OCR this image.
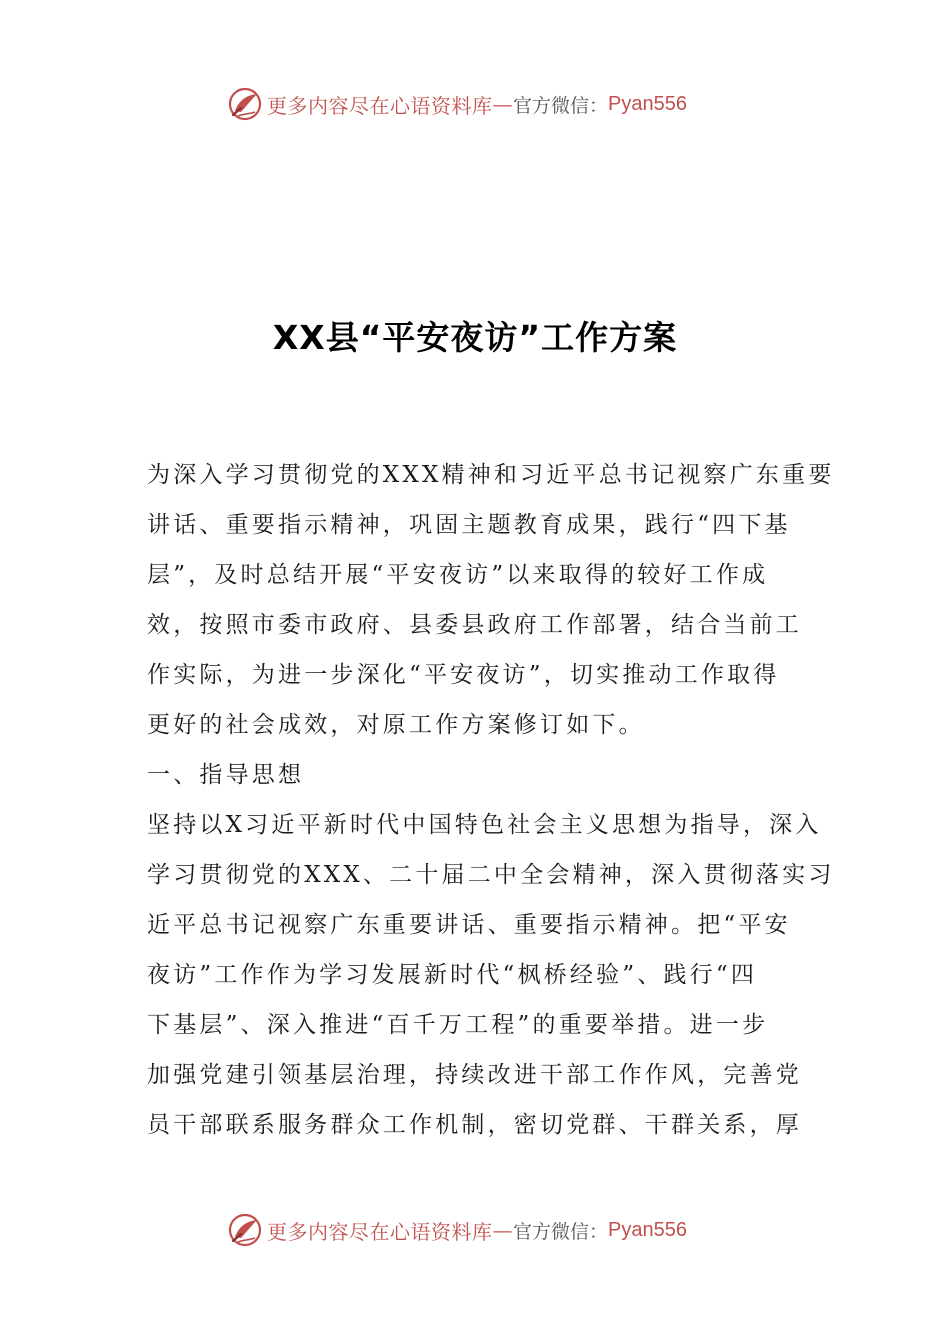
更多内容尽在心语资料库 — 官方微信： Pyan556
XX县“平安夜访”工作方案
为深入学习贯彻党的XXX精神和习近平总书记视察广东重要
讲话、重要指示精神，巩固主题教育成果，践行“四下基
层”，及时总结开展“平安夜访”以来取得的较好工作成
效，按照市委市政府、县委县政府工作部署，结合当前工
作实际，为进一步深化“平安夜访”，切实推动工作取得
更好的社会成效，对原工作方案修订如下。
一、指导思想
坚持以X习近平新时代中国特色社会主义思想为指导，深入
学习贯彻党的XXX、二十届二中全会精神，深入贯彻落实习
近平总书记视察广东重要讲话、重要指示精神。把“平安
夜访”工作作为学习发展新时代“枫桥经验”、践行“四
下基层”、深入推进“百千万工程”的重要举措。进一步
加强党建引领基层治理，持续改进干部工作作风，完善党
员干部联系服务群众工作机制，密切党群、干群关系，厚
更多内容尽在心语资料库 — 官方微信： Pyan556
